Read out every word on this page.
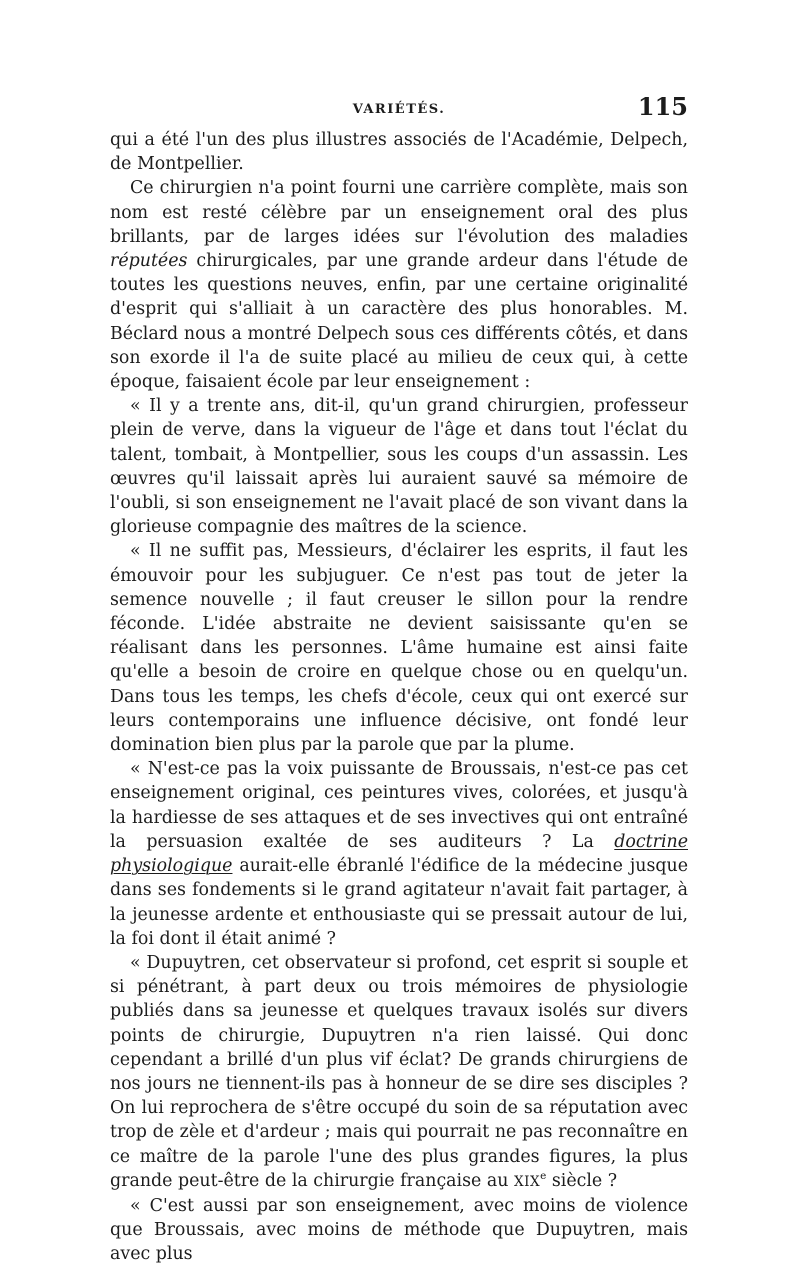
VARIÉTÉS.	115

qui a été l'un des plus illustres associés de l'Académie, Delpech, de Montpellier.

Ce chirurgien n'a point fourni une carrière complète, mais son nom est resté célèbre par un enseignement oral des plus brillants, par de larges idées sur l'évolution des maladies réputées chirurgicales, par une grande ardeur dans l'étude de toutes les questions neuves, enfin, par une certaine originalité d'esprit qui s'alliait à un caractère des plus honorables. M. Béclard nous a montré Delpech sous ces différents côtés, et dans son exorde il l'a de suite placé au milieu de ceux qui, à cette époque, faisaient école par leur enseignement :

« Il y a trente ans, dit-il, qu'un grand chirurgien, professeur plein de verve, dans la vigueur de l'âge et dans tout l'éclat du talent, tombait, à Montpellier, sous les coups d'un assassin. Les œuvres qu'il laissait après lui auraient sauvé sa mémoire de l'oubli, si son enseignement ne l'avait placé de son vivant dans la glorieuse compagnie des maîtres de la science.

« Il ne suffit pas, Messieurs, d'éclairer les esprits, il faut les émouvoir pour les subjuguer. Ce n'est pas tout de jeter la semence nouvelle ; il faut creuser le sillon pour la rendre féconde. L'idée abstraite ne devient saisissante qu'en se réalisant dans les personnes. L'âme humaine est ainsi faite qu'elle a besoin de croire en quelque chose ou en quelqu'un. Dans tous les temps, les chefs d'école, ceux qui ont exercé sur leurs contemporains une influence décisive, ont fondé leur domination bien plus par la parole que par la plume.

« N'est-ce pas la voix puissante de Broussais, n'est-ce pas cet enseignement original, ces peintures vives, colorées, et jusqu'à la hardiesse de ses attaques et de ses invectives qui ont entraîné la persuasion exaltée de ses auditeurs ? La doctrine physiologique aurait-elle ébranlé l'édifice de la médecine jusque dans ses fondements si le grand agitateur n'avait fait partager, à la jeunesse ardente et enthousiaste qui se pressait autour de lui, la foi dont il était animé ?

« Dupuytren, cet observateur si profond, cet esprit si souple et si pénétrant, à part deux ou trois mémoires de physiologie publiés dans sa jeunesse et quelques travaux isolés sur divers points de chirurgie, Dupuytren n'a rien laissé. Qui donc cependant a brillé d'un plus vif éclat? De grands chirurgiens de nos jours ne tiennent-ils pas à honneur de se dire ses disciples ? On lui reprochera de s'être occupé du soin de sa réputation avec trop de zèle et d'ardeur ; mais qui pourrait ne pas reconnaître en ce maître de la parole l'une des plus grandes figures, la plus grande peut-être de la chirurgie française au XIXe siècle ?

« C'est aussi par son enseignement, avec moins de violence que Broussais, avec moins de méthode que Dupuytren, mais avec plus
